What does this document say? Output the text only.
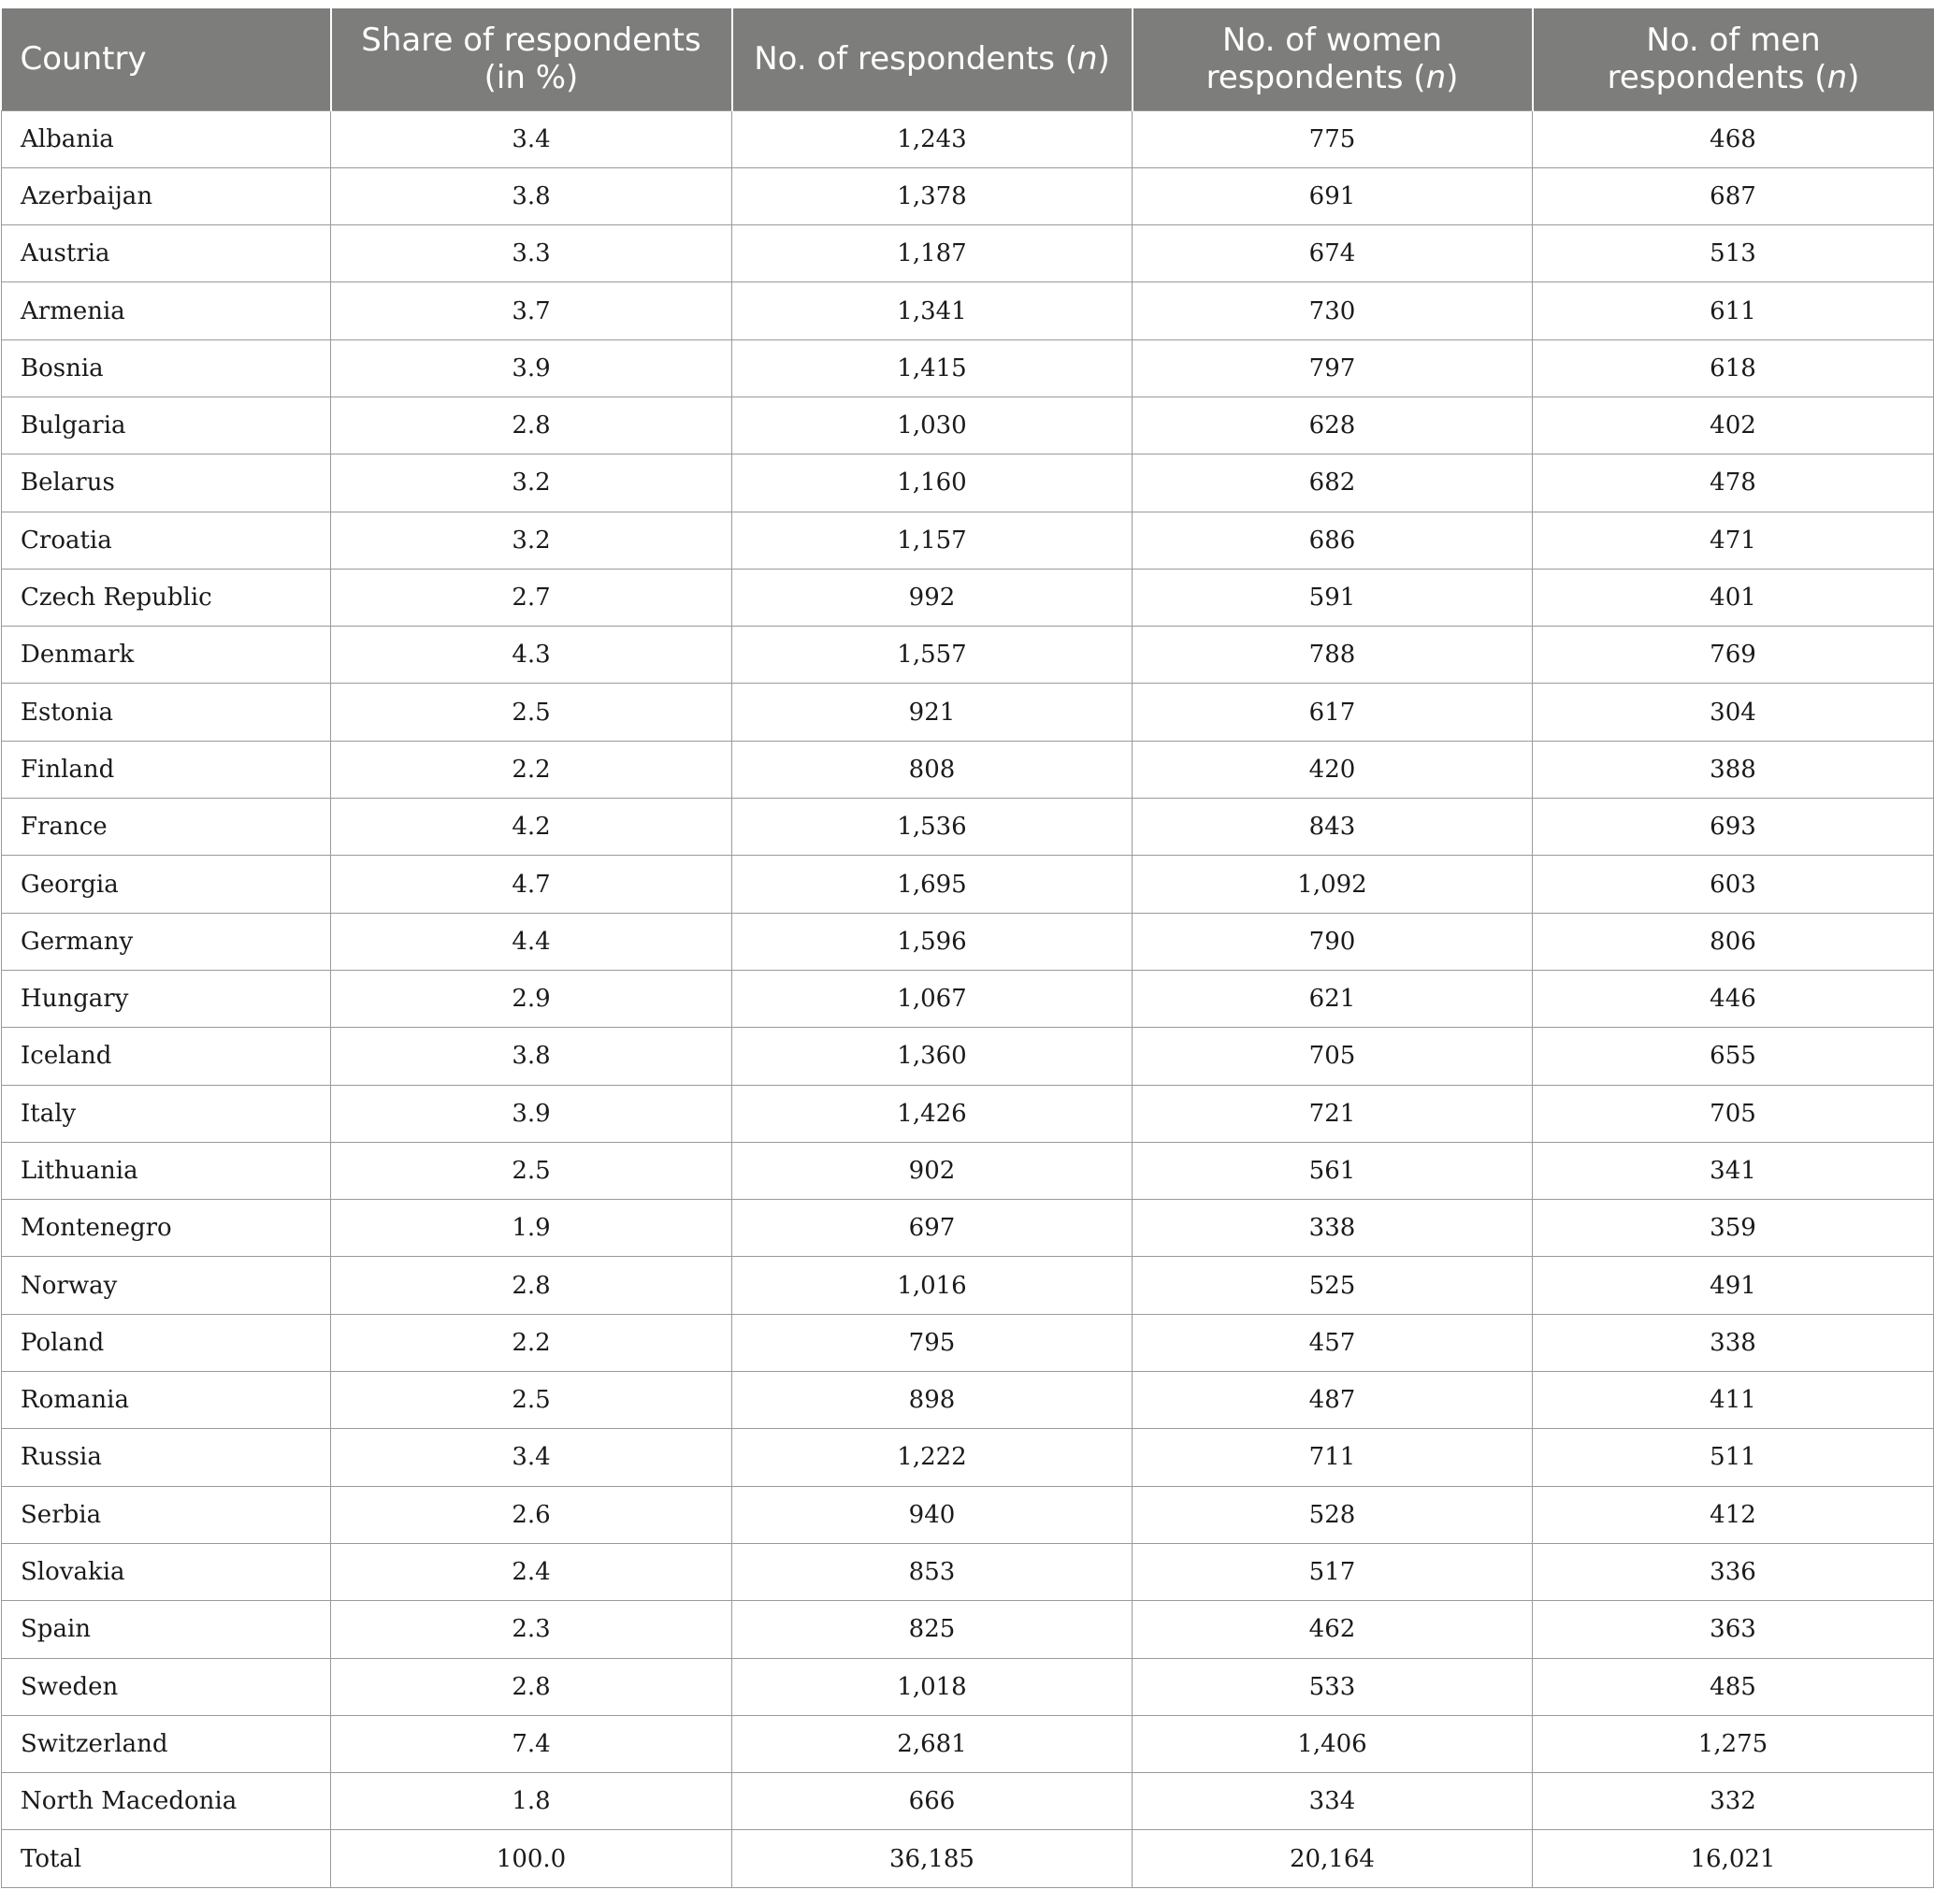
Country	Share of respondents (in %)	No. of respondents (n)	No. of women respondents (n)	No. of men respondents (n)
Albania	3.4	1,243	775	468
Azerbaijan	3.8	1,378	691	687
Austria	3.3	1,187	674	513
Armenia	3.7	1,341	730	611
Bosnia	3.9	1,415	797	618
Bulgaria	2.8	1,030	628	402
Belarus	3.2	1,160	682	478
Croatia	3.2	1,157	686	471
Czech Republic	2.7	992	591	401
Denmark	4.3	1,557	788	769
Estonia	2.5	921	617	304
Finland	2.2	808	420	388
France	4.2	1,536	843	693
Georgia	4.7	1,695	1,092	603
Germany	4.4	1,596	790	806
Hungary	2.9	1,067	621	446
Iceland	3.8	1,360	705	655
Italy	3.9	1,426	721	705
Lithuania	2.5	902	561	341
Montenegro	1.9	697	338	359
Norway	2.8	1,016	525	491
Poland	2.2	795	457	338
Romania	2.5	898	487	411
Russia	3.4	1,222	711	511
Serbia	2.6	940	528	412
Slovakia	2.4	853	517	336
Spain	2.3	825	462	363
Sweden	2.8	1,018	533	485
Switzerland	7.4	2,681	1,406	1,275
North Macedonia	1.8	666	334	332
Total	100.0	36,185	20,164	16,021
